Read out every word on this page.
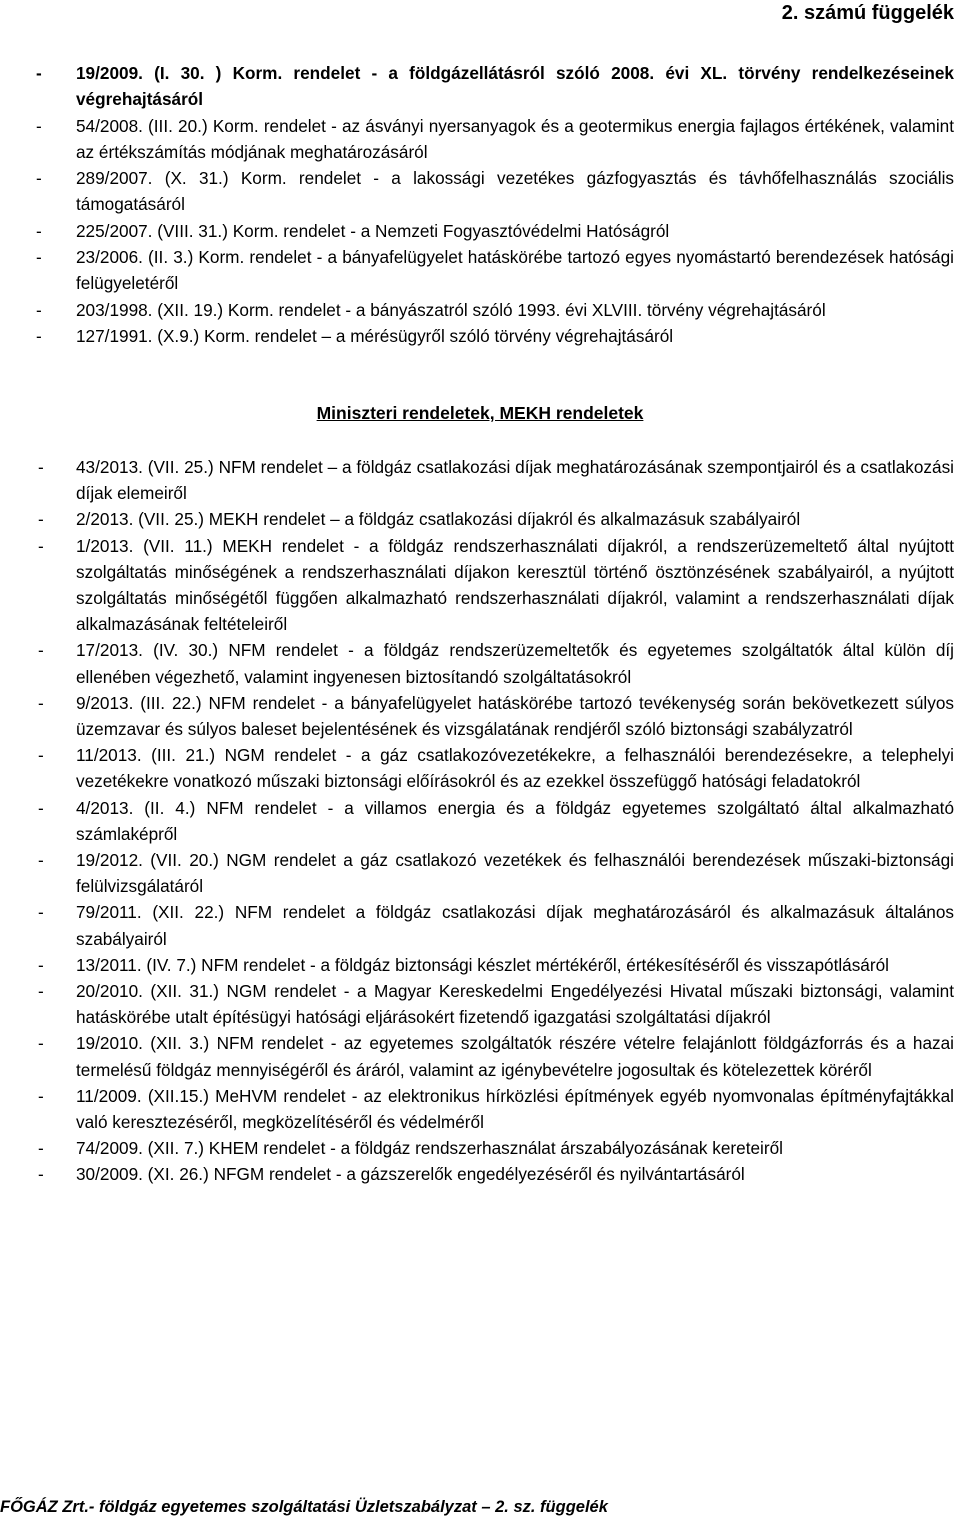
2. számú függelék
- 19/2009. (I. 30. ) Korm. rendelet - a földgázellátásról szóló 2008. évi XL. törvény rendelkezéseinek végrehajtásáról
- 54/2008. (III. 20.) Korm. rendelet - az ásványi nyersanyagok és a geotermikus energia fajlagos értékének, valamint az értékszámítás módjának meghatározásáról
- 289/2007. (X. 31.) Korm. rendelet - a lakossági vezetékes gázfogyasztás és távhőfelhasználás szociális támogatásáról
- 225/2007. (VIII. 31.) Korm. rendelet - a Nemzeti Fogyasztóvédelmi Hatóságról
- 23/2006. (II. 3.) Korm. rendelet - a bányafelügyelet hatáskörébe tartozó egyes nyomástartó berendezések hatósági felügyeletéről
- 203/1998. (XII. 19.) Korm. rendelet - a bányászatról szóló 1993. évi XLVIII. törvény végrehajtásáról
- 127/1991. (X.9.) Korm. rendelet – a mérésügyről szóló törvény végrehajtásáról
Miniszteri rendeletek, MEKH rendeletek
- 43/2013. (VII. 25.) NFM rendelet – a földgáz csatlakozási díjak meghatározásának szempontjairól és a csatlakozási díjak elemeiről
- 2/2013. (VII. 25.) MEKH rendelet – a földgáz csatlakozási díjakról és alkalmazásuk szabályairól
- 1/2013. (VII. 11.) MEKH rendelet - a földgáz rendszerhasználati díjakról, a rendszerüzemeltető által nyújtott szolgáltatás minőségének a rendszerhasználati díjakon keresztül történő ösztönzésének szabályairól, a nyújtott szolgáltatás minőségétől függően alkalmazható rendszerhasználati díjakról, valamint a rendszerhasználati díjak alkalmazásának feltételeiről
- 17/2013. (IV. 30.) NFM rendelet - a földgáz rendszerüzemeltetők és egyetemes szolgáltatók által külön díj ellenében végezhető, valamint ingyenesen biztosítandó szolgáltatásokról
- 9/2013. (III. 22.) NFM rendelet - a bányafelügyelet hatáskörébe tartozó tevékenység során bekövetkezett súlyos üzemzavar és súlyos baleset bejelentésének és vizsgálatának rendjéről szóló biztonsági szabályzatról
- 11/2013. (III. 21.) NGM rendelet - a gáz csatlakozóvezetékekre, a felhasználói berendezésekre, a telephelyi vezetékekre vonatkozó műszaki biztonsági előírásokról és az ezekkel összefüggő hatósági feladatokról
- 4/2013. (II. 4.) NFM rendelet - a villamos energia és a földgáz egyetemes szolgáltató által alkalmazható számlaképről
- 19/2012. (VII. 20.) NGM rendelet a gáz csatlakozó vezetékek és felhasználói berendezések műszaki-biztonsági felülvizsgálatáról
- 79/2011. (XII. 22.) NFM rendelet a földgáz csatlakozási díjak meghatározásáról és alkalmazásuk általános szabályairól
- 13/2011. (IV. 7.) NFM rendelet - a földgáz biztonsági készlet mértékéről, értékesítéséről és visszapótlásáról
- 20/2010. (XII. 31.) NGM rendelet - a Magyar Kereskedelmi Engedélyezési Hivatal műszaki biztonsági, valamint hatáskörébe utalt építésügyi hatósági eljárásokért fizetendő igazgatási szolgáltatási díjakról
- 19/2010. (XII. 3.) NFM rendelet - az egyetemes szolgáltatók részére vételre felajánlott földgázforrás és a hazai termelésű földgáz mennyiségéről és áráról, valamint az igénybevételre jogosultak és kötelezettek köréről
- 11/2009. (XII.15.) MeHVM rendelet - az elektronikus hírközlési építmények egyéb nyomvonalas építményfajtákkal való keresztezéséről, megközelítéséről és védelméről
- 74/2009. (XII. 7.) KHEM rendelet - a földgáz rendszerhasználat árszabályozásának kereteiről
- 30/2009. (XI. 26.) NFGM rendelet - a gázszerelők engedélyezéséről és nyilvántartásáról
FŐGÁZ Zrt.- földgáz egyetemes szolgáltatási Üzletszabályzat – 2. sz. függelék
